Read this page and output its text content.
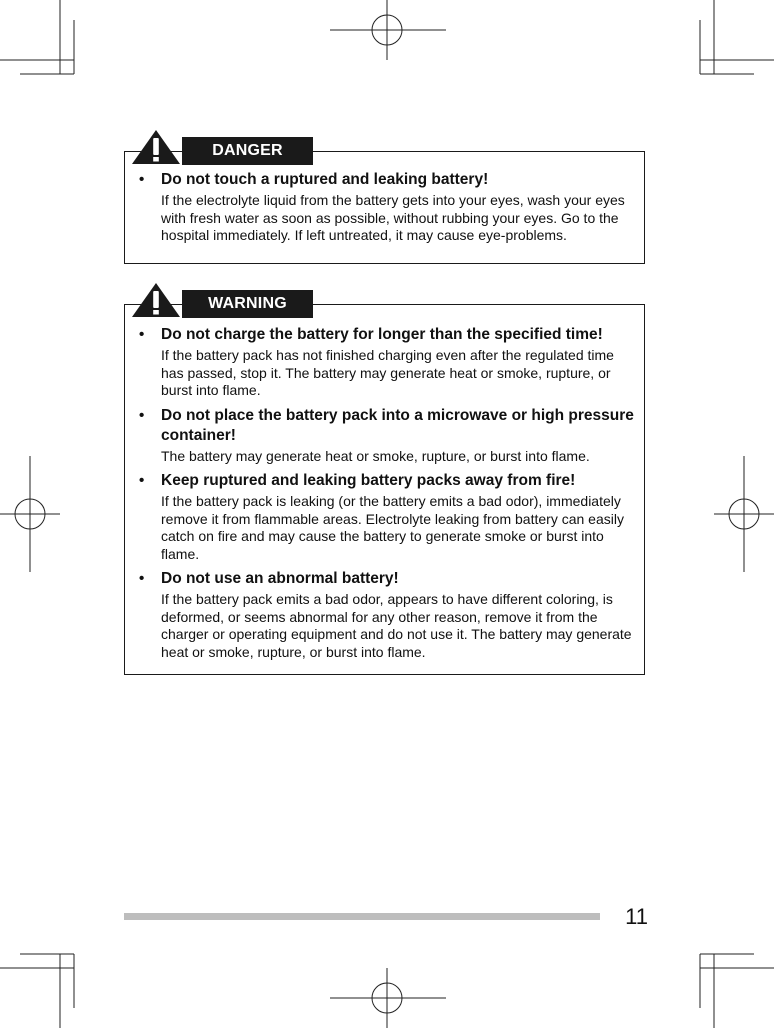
• Do not touch a ruptured and leaking battery!

If the electrolyte liquid from the battery gets into your eyes, wash your eyes with fresh water as soon as possible, without rubbing your eyes. Go to the hospital immediately. If left untreated, it may cause eye-problems.

DANGER
• Do not charge the battery for longer than the specified time!

If the battery pack has not finished charging even after the regulated time has passed, stop it. The battery may generate heat or smoke, rupture, or burst into flame.

• Do not place the battery pack into a microwave or high pressure container!

The battery may generate heat or smoke, rupture, or burst into flame.

• Keep ruptured and leaking battery packs away from fire!

If the battery pack is leaking (or the battery emits a bad odor), immediately remove it from flammable areas. Electrolyte leaking from battery can easily catch on fire and may cause the battery to generate smoke or burst into flame.

• Do not use an abnormal battery!

If the battery pack emits a bad odor, appears to have different coloring, is deformed, or seems abnormal for any other reason, remove it from the charger or operating equipment and do not use it. The battery may generate heat or smoke, rupture, or burst into flame.

WARNING
11
